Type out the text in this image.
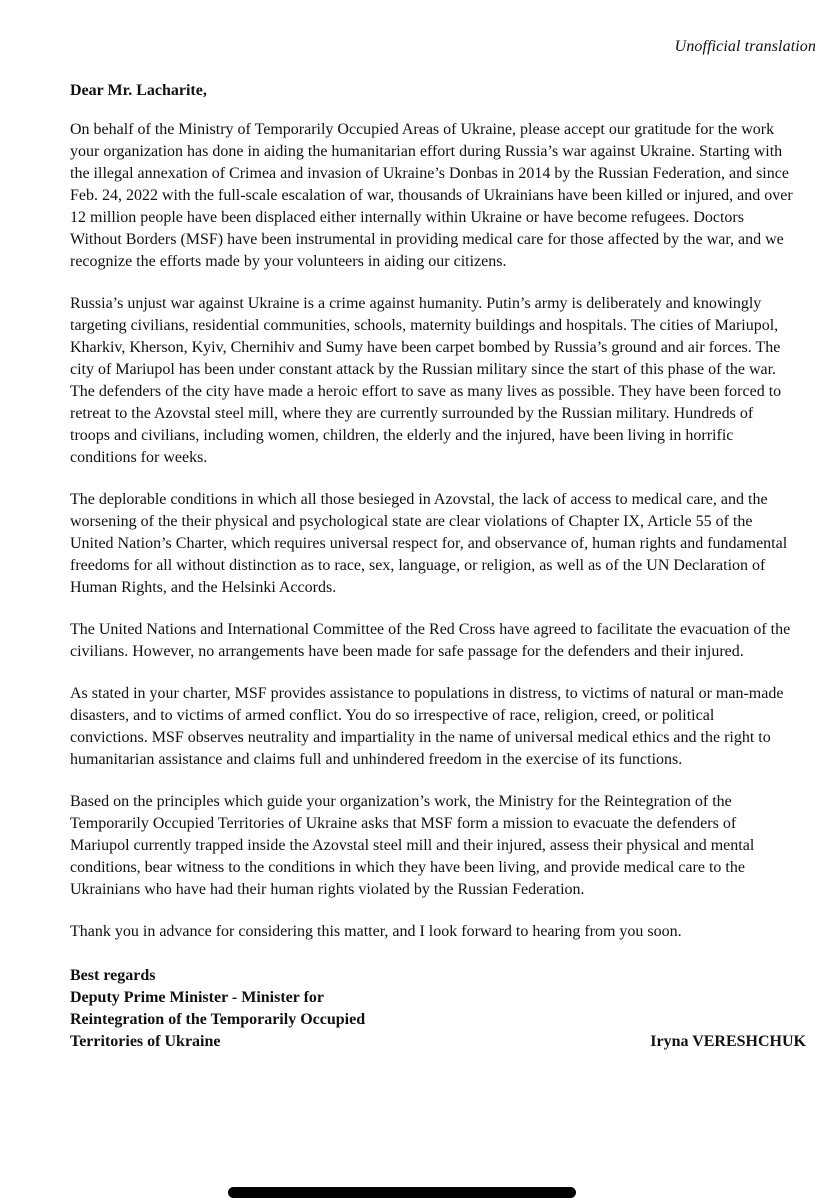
Unofficial translation

Dear Mr. Lacharite,

On behalf of the Ministry of Temporarily Occupied Areas of Ukraine, please accept our gratitude for the work your organization has done in aiding the humanitarian effort during Russia’s war against Ukraine. Starting with the illegal annexation of Crimea and invasion of Ukraine’s Donbas in 2014 by the Russian Federation, and since Feb. 24, 2022 with the full-scale escalation of war, thousands of Ukrainians have been killed or injured, and over 12 million people have been displaced either internally within Ukraine or have become refugees. Doctors Without Borders (MSF) have been instrumental in providing medical care for those affected by the war, and we recognize the efforts made by your volunteers in aiding our citizens.

Russia’s unjust war against Ukraine is a crime against humanity. Putin’s army is deliberately and knowingly targeting civilians, residential communities, schools, maternity buildings and hospitals. The cities of Mariupol, Kharkiv, Kherson, Kyiv, Chernihiv and Sumy have been carpet bombed by Russia’s ground and air forces. The city of Mariupol has been under constant attack by the Russian military since the start of this phase of the war. The defenders of the city have made a heroic effort to save as many lives as possible. They have been forced to retreat to the Azovstal steel mill, where they are currently surrounded by the Russian military. Hundreds of troops and civilians, including women, children, the elderly and the injured, have been living in horrific conditions for weeks.

The deplorable conditions in which all those besieged in Azovstal, the lack of access to medical care, and the worsening of the their physical and psychological state are clear violations of Chapter IX, Article 55 of the United Nation’s Charter, which requires universal respect for, and observance of, human rights and fundamental freedoms for all without distinction as to race, sex, language, or religion, as well as of the UN Declaration of Human Rights, and the Helsinki Accords.

The United Nations and International Committee of the Red Cross have agreed to facilitate the evacuation of the civilians. However, no arrangements have been made for safe passage for the defenders and their injured.

As stated in your charter, MSF provides assistance to populations in distress, to victims of natural or man-made disasters, and to victims of armed conflict. You do so irrespective of race, religion, creed, or political convictions. MSF observes neutrality and impartiality in the name of universal medical ethics and the right to humanitarian assistance and claims full and unhindered freedom in the exercise of its functions.

Based on the principles which guide your organization’s work, the Ministry for the Reintegration of the Temporarily Occupied Territories of Ukraine asks that MSF form a mission to evacuate the defenders of Mariupol currently trapped inside the Azovstal steel mill and their injured, assess their physical and mental conditions, bear witness to the conditions in which they have been living, and provide medical care to the Ukrainians who have had their human rights violated by the Russian Federation.

Thank you in advance for considering this matter, and I look forward to hearing from you soon.

Best regards
Deputy Prime Minister - Minister for
Reintegration of the Temporarily Occupied
Territories of Ukraine	Iryna VERESHCHUK
